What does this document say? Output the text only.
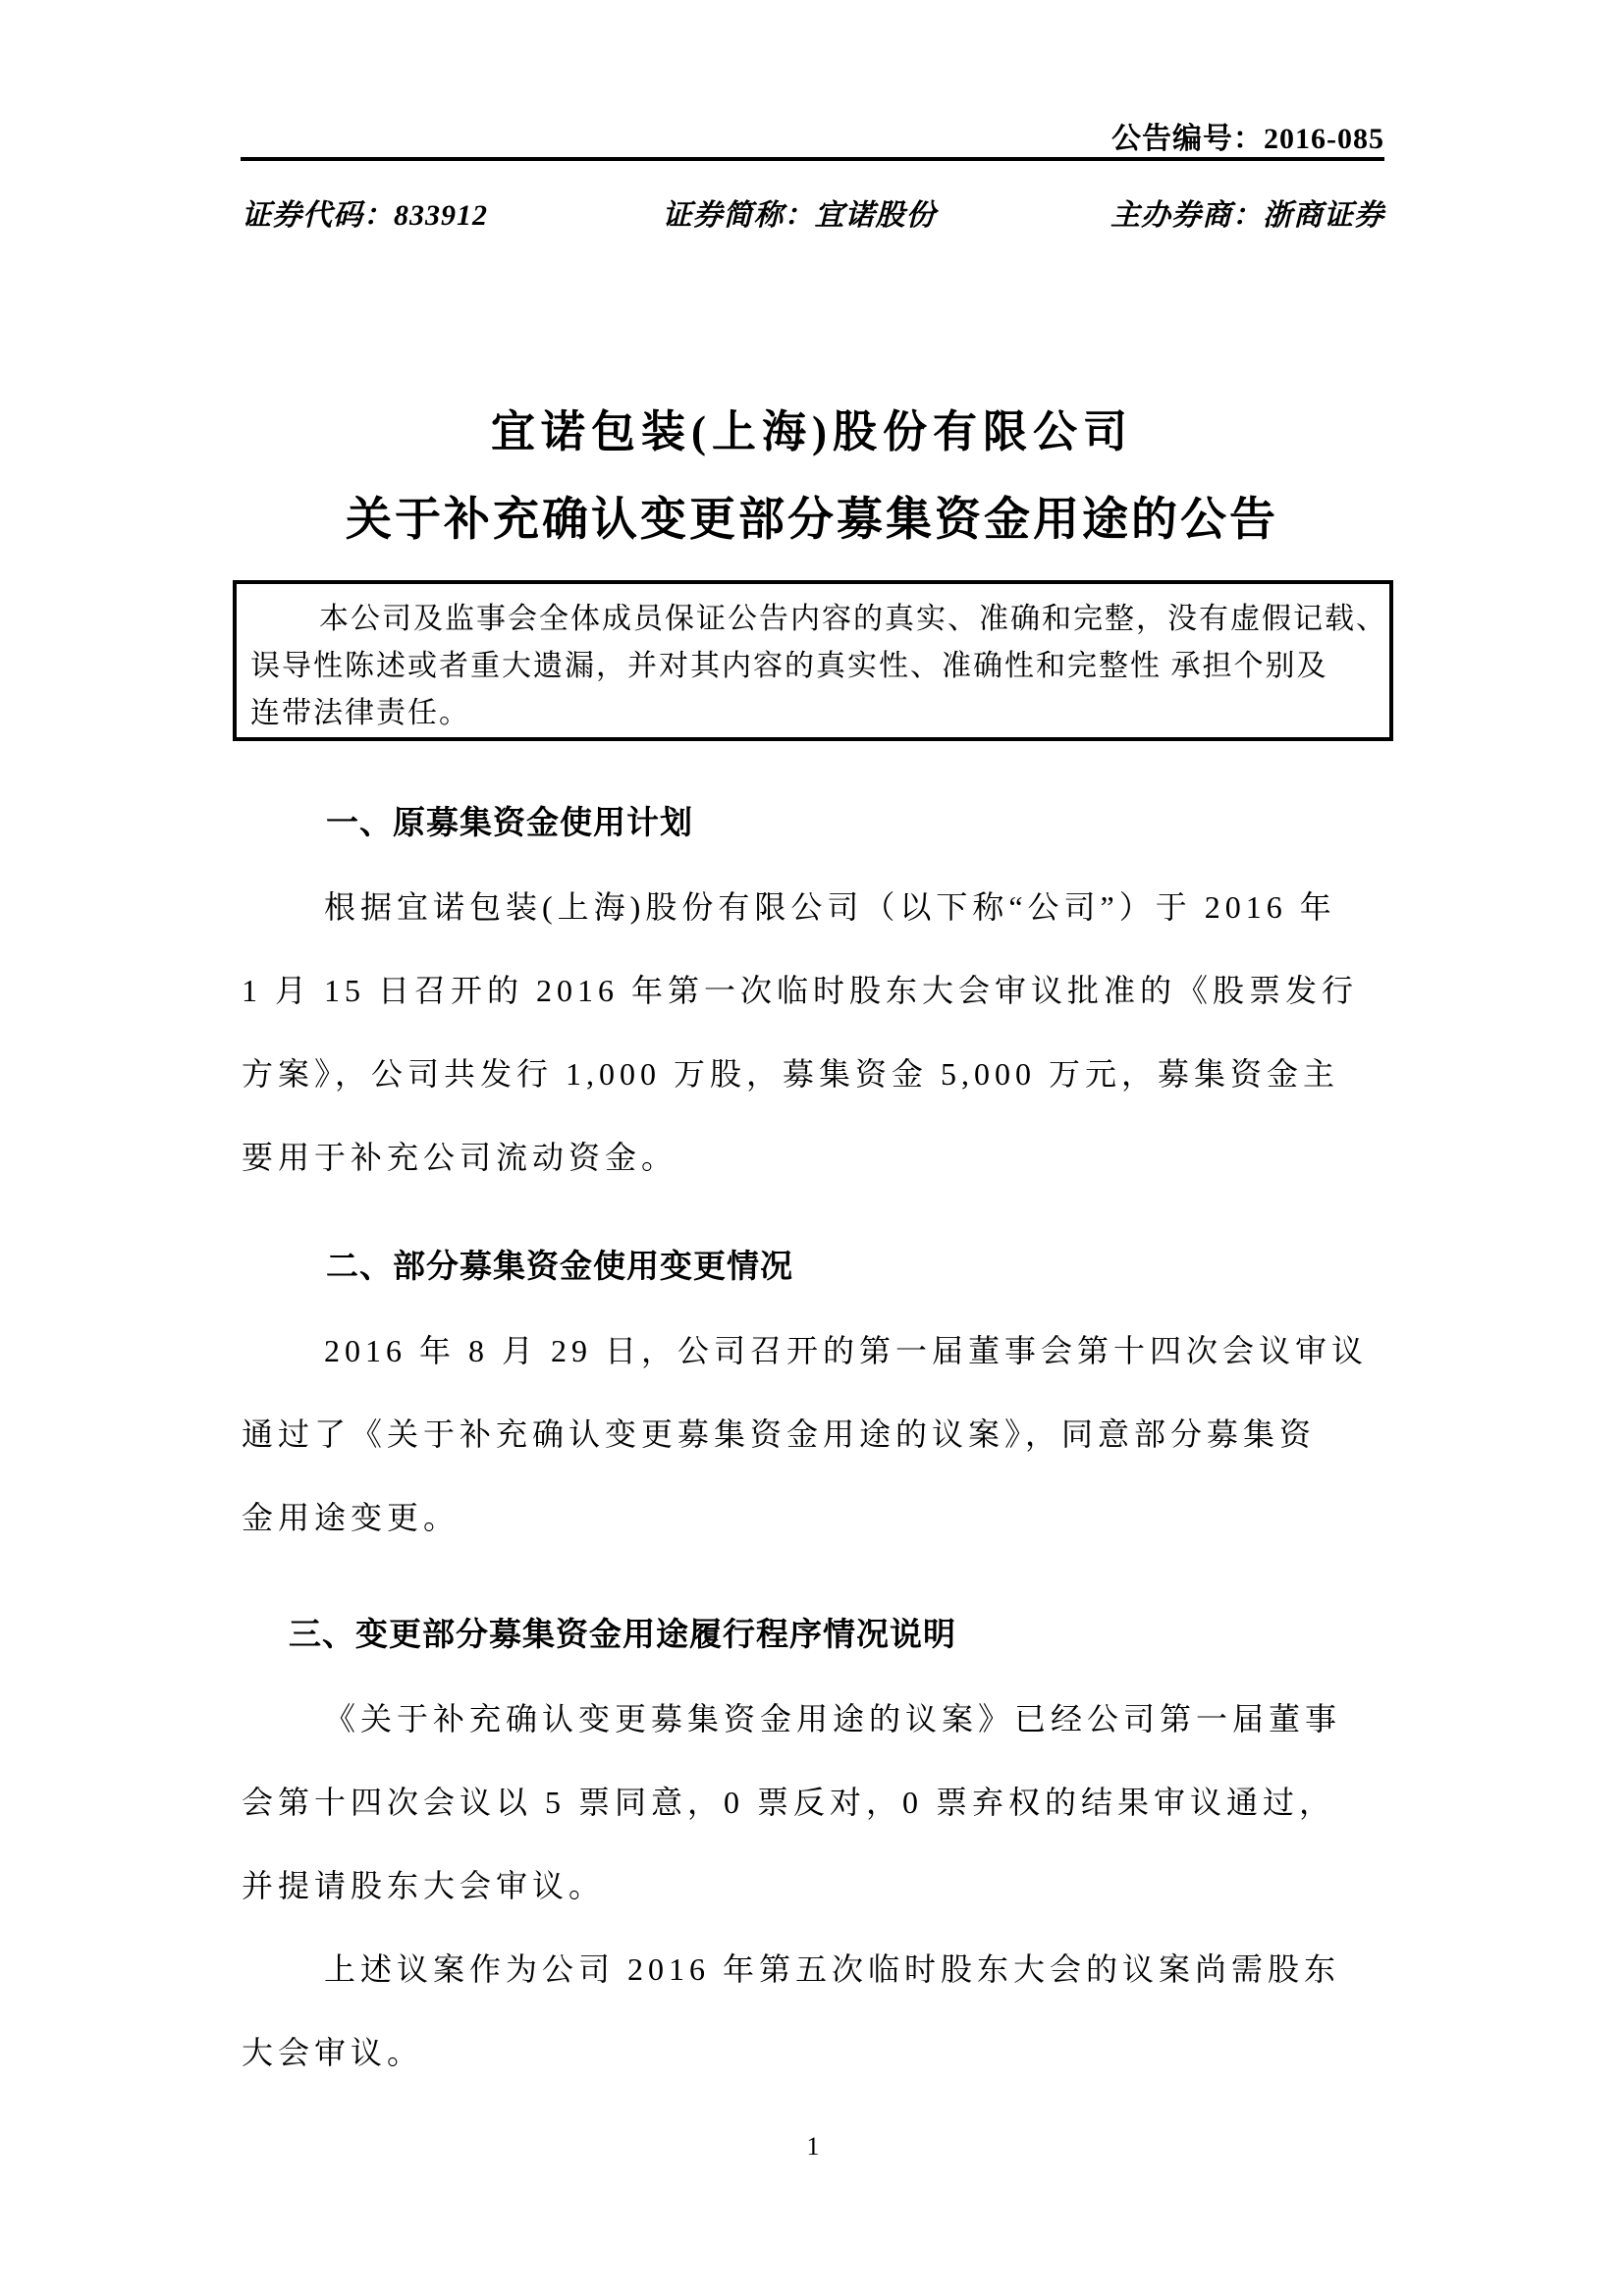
公告编号：2016-085
证券代码：833912	证券简称：宜诺股份	主办券商：浙商证券
宜诺包装(上海)股份有限公司
关于补充确认变更部分募集资金用途的公告
本公司及监事会全体成员保证公告内容的真实、准确和完整，没有虚假记载、
误导性陈述或者重大遗漏，并对其内容的真实性、准确性和完整性 承担个别及
连带法律责任。
一、原募集资金使用计划
根据宜诺包装(上海)股份有限公司（以下称“公司”）于 2016 年
1 月 15 日召开的 2016 年第一次临时股东大会审议批准的《股票发行
方案》，公司共发行 1,000 万股，募集资金 5,000 万元，募集资金主
要用于补充公司流动资金。
二、部分募集资金使用变更情况
2016 年 8 月 29 日，公司召开的第一届董事会第十四次会议审议
通过了《关于补充确认变更募集资金用途的议案》，同意部分募集资
金用途变更。
三、变更部分募集资金用途履行程序情况说明
《关于补充确认变更募集资金用途的议案》已经公司第一届董事
会第十四次会议以 5 票同意，0 票反对，0 票弃权的结果审议通过，
并提请股东大会审议。
上述议案作为公司 2016 年第五次临时股东大会的议案尚需股东
大会审议。
1
